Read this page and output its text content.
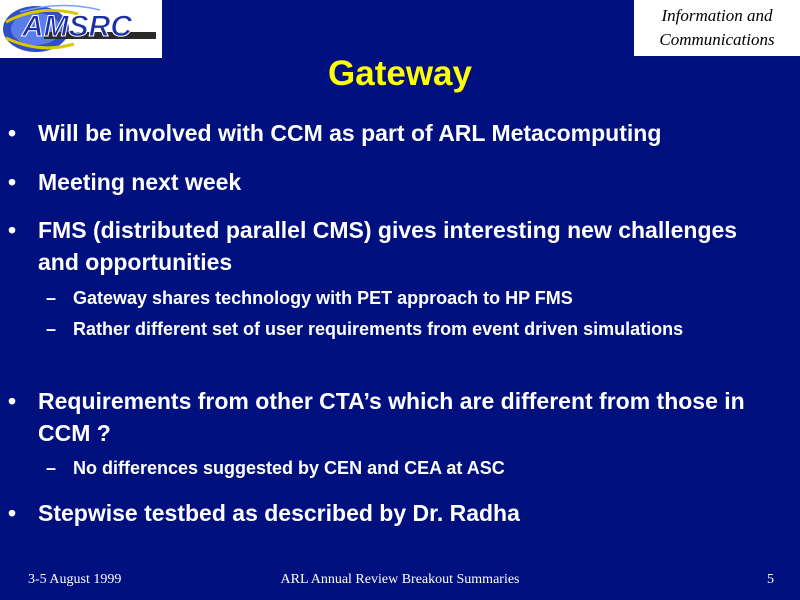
AMSRC	Information and
Communications
Gateway
• Will be involved with CCM as part of ARL Metacomputing
• Meeting next week
• FMS (distributed parallel CMS) gives interesting new challenges and opportunities
– Gateway shares technology with PET approach to HP FMS
– Rather different set of user requirements from event driven simulations
• Requirements from other CTA’s which are different from those in CCM ?
– No differences suggested by CEN and CEA at ASC
• Stepwise testbed as described by Dr. Radha
3-5 August 1999	ARL Annual Review Breakout Summaries	5
